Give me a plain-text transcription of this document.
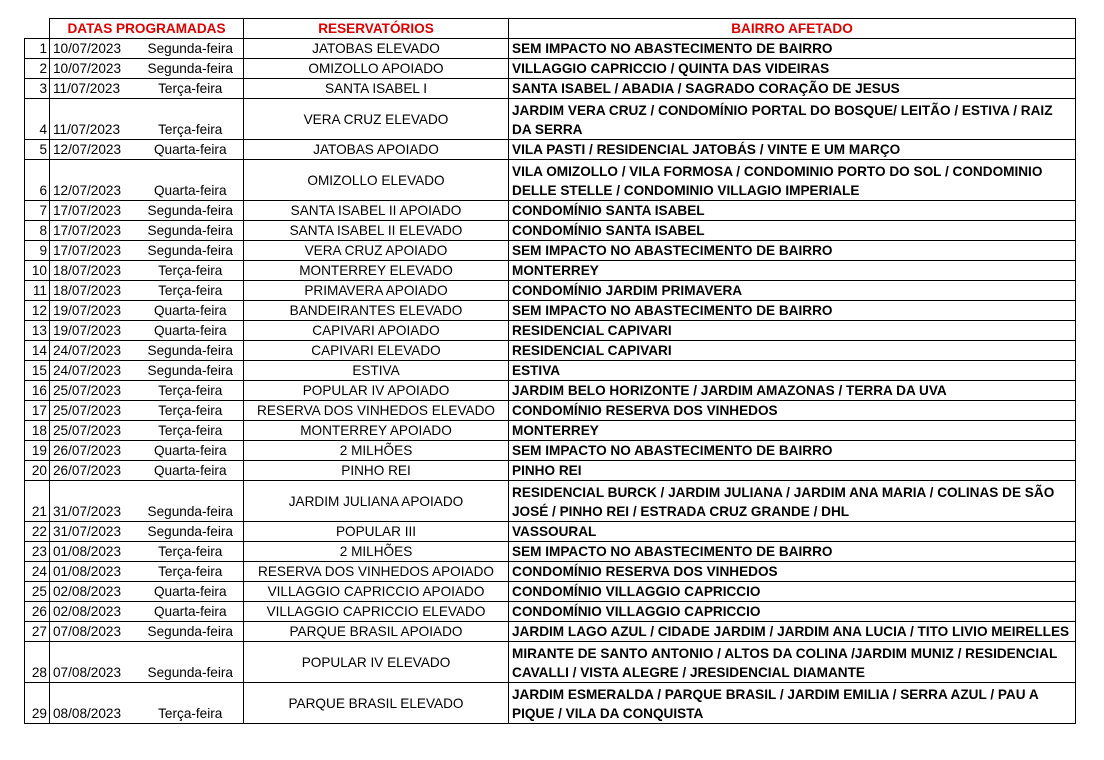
	DATAS PROGRAMADAS		RESERVATÓRIOS	BAIRRO AFETADO
1	10/07/2023	Segunda-feira	JATOBAS ELEVADO	SEM IMPACTO NO ABASTECIMENTO DE BAIRRO
2	10/07/2023	Segunda-feira	OMIZOLLO APOIADO	VILLAGGIO CAPRICCIO / QUINTA DAS VIDEIRAS
3	11/07/2023	Terça-feira	SANTA ISABEL I	SANTA ISABEL / ABADIA / SAGRADO CORAÇÃO DE JESUS
4	11/07/2023	Terça-feira	VERA CRUZ ELEVADO	JARDIM VERA CRUZ / CONDOMÍNIO PORTAL DO BOSQUE/ LEITÃO / ESTIVA / RAIZ DA SERRA
5	12/07/2023	Quarta-feira	JATOBAS APOIADO	VILA PASTI / RESIDENCIAL JATOBÁS / VINTE E UM MARÇO
6	12/07/2023	Quarta-feira	OMIZOLLO ELEVADO	VILA OMIZOLLO / VILA FORMOSA / CONDOMINIO PORTO DO SOL / CONDOMINIO DELLE STELLE / CONDOMINIO VILLAGIO IMPERIALE
7	17/07/2023	Segunda-feira	SANTA ISABEL II APOIADO	CONDOMÍNIO SANTA ISABEL
8	17/07/2023	Segunda-feira	SANTA ISABEL II ELEVADO	CONDOMÍNIO SANTA ISABEL
9	17/07/2023	Segunda-feira	VERA CRUZ APOIADO	SEM IMPACTO NO ABASTECIMENTO DE BAIRRO
10	18/07/2023	Terça-feira	MONTERREY ELEVADO	MONTERREY
11	18/07/2023	Terça-feira	PRIMAVERA APOIADO	CONDOMÍNIO JARDIM PRIMAVERA
12	19/07/2023	Quarta-feira	BANDEIRANTES ELEVADO	SEM IMPACTO NO ABASTECIMENTO DE BAIRRO
13	19/07/2023	Quarta-feira	CAPIVARI APOIADO	RESIDENCIAL CAPIVARI
14	24/07/2023	Segunda-feira	CAPIVARI ELEVADO	RESIDENCIAL CAPIVARI
15	24/07/2023	Segunda-feira	ESTIVA	ESTIVA
16	25/07/2023	Terça-feira	POPULAR IV APOIADO	JARDIM BELO HORIZONTE / JARDIM AMAZONAS / TERRA DA UVA
17	25/07/2023	Terça-feira	RESERVA DOS VINHEDOS ELEVADO	CONDOMÍNIO RESERVA DOS VINHEDOS
18	25/07/2023	Terça-feira	MONTERREY APOIADO	MONTERREY
19	26/07/2023	Quarta-feira	2 MILHÕES	SEM IMPACTO NO ABASTECIMENTO DE BAIRRO
20	26/07/2023	Quarta-feira	PINHO REI	PINHO REI
21	31/07/2023	Segunda-feira	JARDIM JULIANA APOIADO	RESIDENCIAL BURCK / JARDIM JULIANA / JARDIM ANA MARIA / COLINAS DE SÃO JOSÉ / PINHO REI / ESTRADA CRUZ GRANDE / DHL
22	31/07/2023	Segunda-feira	POPULAR III	VASSOURAL
23	01/08/2023	Terça-feira	2 MILHÕES	SEM IMPACTO NO ABASTECIMENTO DE BAIRRO
24	01/08/2023	Terça-feira	RESERVA DOS VINHEDOS APOIADO	CONDOMÍNIO RESERVA DOS VINHEDOS
25	02/08/2023	Quarta-feira	VILLAGGIO CAPRICCIO APOIADO	CONDOMÍNIO VILLAGGIO CAPRICCIO
26	02/08/2023	Quarta-feira	VILLAGGIO CAPRICCIO ELEVADO	CONDOMÍNIO VILLAGGIO CAPRICCIO
27	07/08/2023	Segunda-feira	PARQUE BRASIL APOIADO	JARDIM LAGO AZUL / CIDADE JARDIM / JARDIM ANA LUCIA / TITO LIVIO MEIRELLES
28	07/08/2023	Segunda-feira	POPULAR IV ELEVADO	MIRANTE DE SANTO ANTONIO / ALTOS DA COLINA /JARDIM MUNIZ / RESIDENCIAL CAVALLI / VISTA ALEGRE / JRESIDENCIAL DIAMANTE
29	08/08/2023	Terça-feira	PARQUE BRASIL ELEVADO	JARDIM ESMERALDA / PARQUE BRASIL / JARDIM EMILIA / SERRA AZUL / PAU A PIQUE / VILA DA CONQUISTA
